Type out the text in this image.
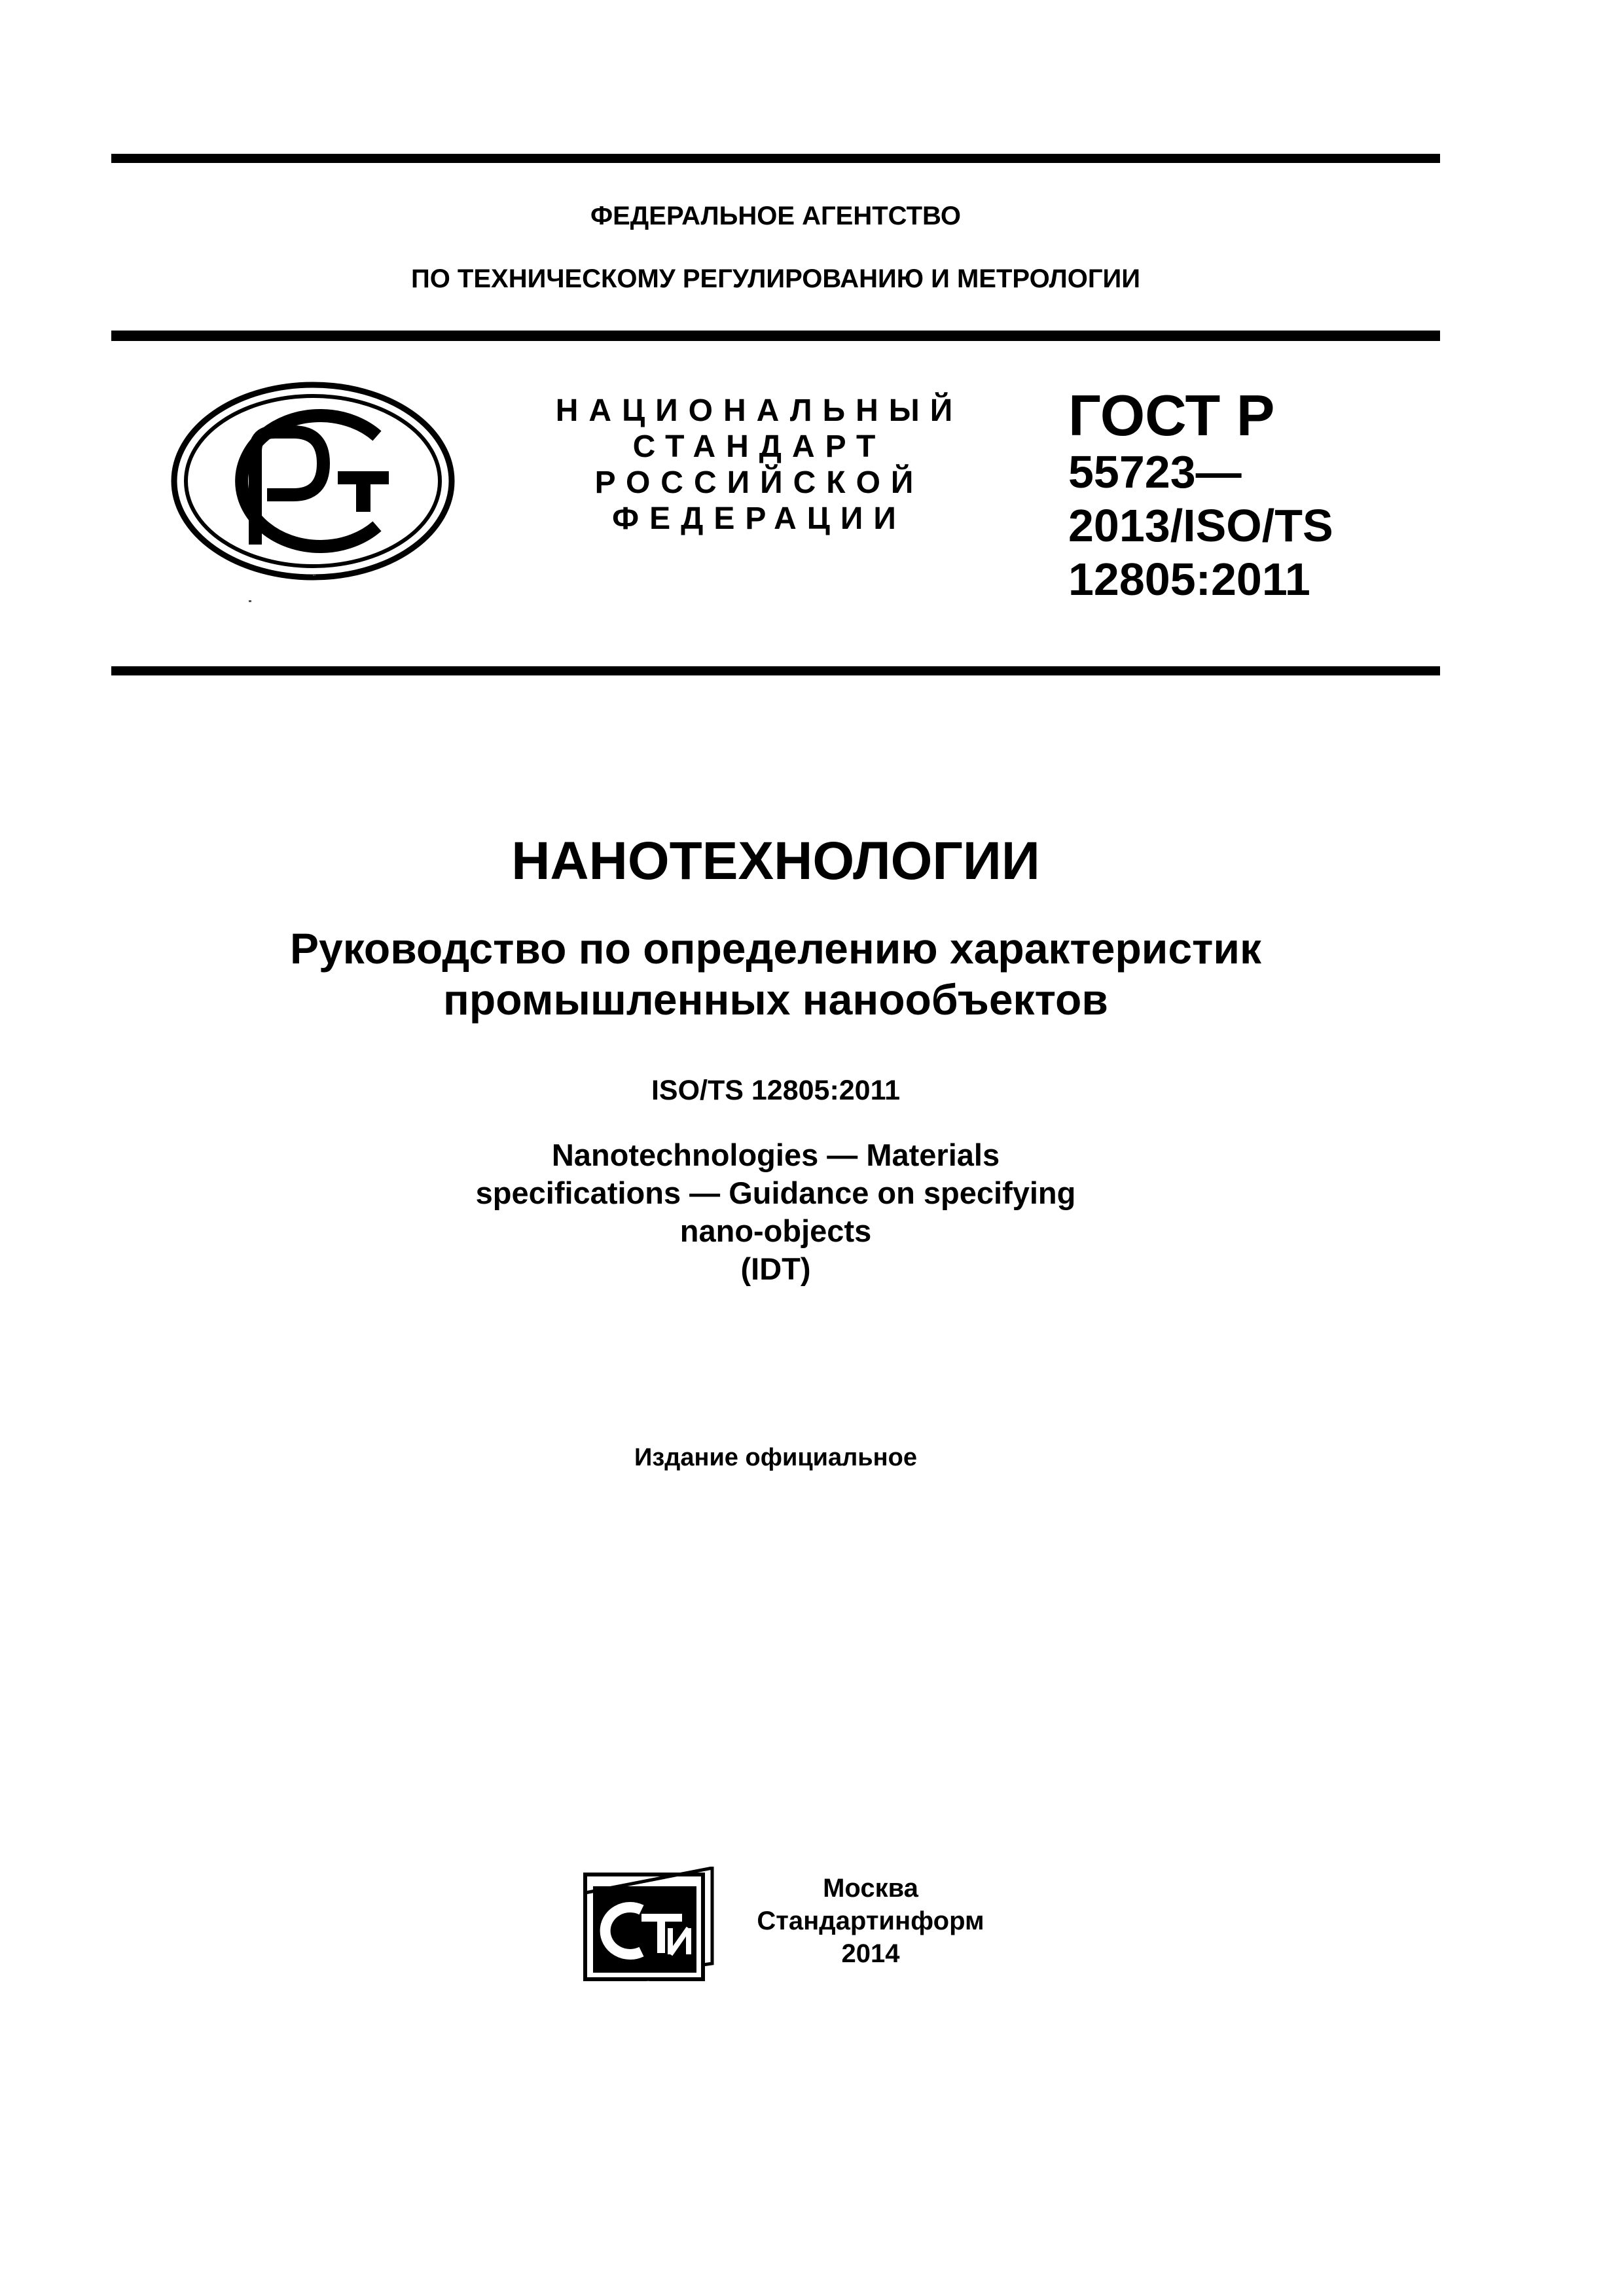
ФЕДЕРАЛЬНОЕ АГЕНТСТВО
ПО ТЕХНИЧЕСКОМУ РЕГУЛИРОВАНИЮ И МЕТРОЛОГИИ
РСТ
НАЦИОНАЛЬНЫЙ
СТАНДАРТ
РОССИЙСКОЙ
ФЕДЕРАЦИИ
ГОСТ Р
55723—
2013/ISO/TS
12805:2011
НАНОТЕХНОЛОГИИ
Руководство по определению характеристик
промышленных нанообъектов
ISO/TS 12805:2011
Nanotechnologies — Materials
specifications — Guidance on specifying
nano-objects
(IDT)
Издание официальное
СТИ
Москва
Стандартинформ
2014
